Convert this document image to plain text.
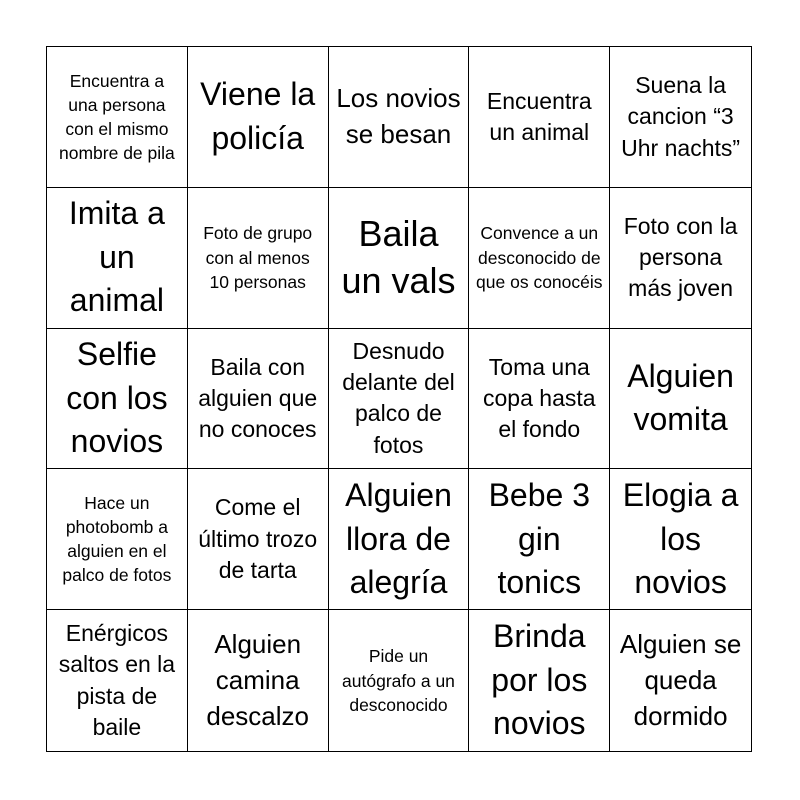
Encuentra a una persona con el mismo nombre de pila
Viene la policía
Los novios se besan
Encuentra un animal
Suena la cancion “3 Uhr nachts”
Imita a un animal
Foto de grupo con al menos 10 personas
Baila un vals
Convence a un desconocido de que os conocéis
Foto con la persona más joven
Selfie con los novios
Baila con alguien que no conoces
Desnudo delante del palco de fotos
Toma una copa hasta el fondo
Alguien vomita
Hace un photobomb a alguien en el palco de fotos
Come el último trozo de tarta
Alguien llora de alegría
Bebe 3 gin tonics
Elogia a los novios
Enérgicos saltos en la pista de baile
Alguien camina descalzo
Pide un autógrafo a un desconocido
Brinda por los novios
Alguien se queda dormido
